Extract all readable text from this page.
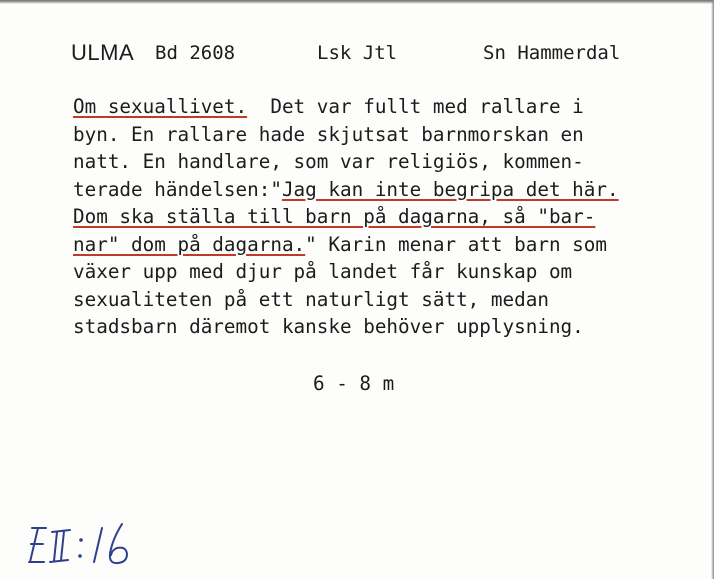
ULMA Bd 2608	Lsk Jtl	Sn Hammerdal
Om sexuallivet.  Det var fullt med rallare i
byn. En rallare hade skjutsat barnmorskan en
natt. En handlare, som var religiös, kommen-
terade händelsen:"Jag kan inte begripa det här.
Dom ska ställa till barn på dagarna, så "bar-
nar" dom på dagarna." Karin menar att barn som
växer upp med djur på landet får kunskap om
sexualiteten på ett naturligt sätt, medan
stadsbarn däremot kanske behöver upplysning.
6 - 8 m
